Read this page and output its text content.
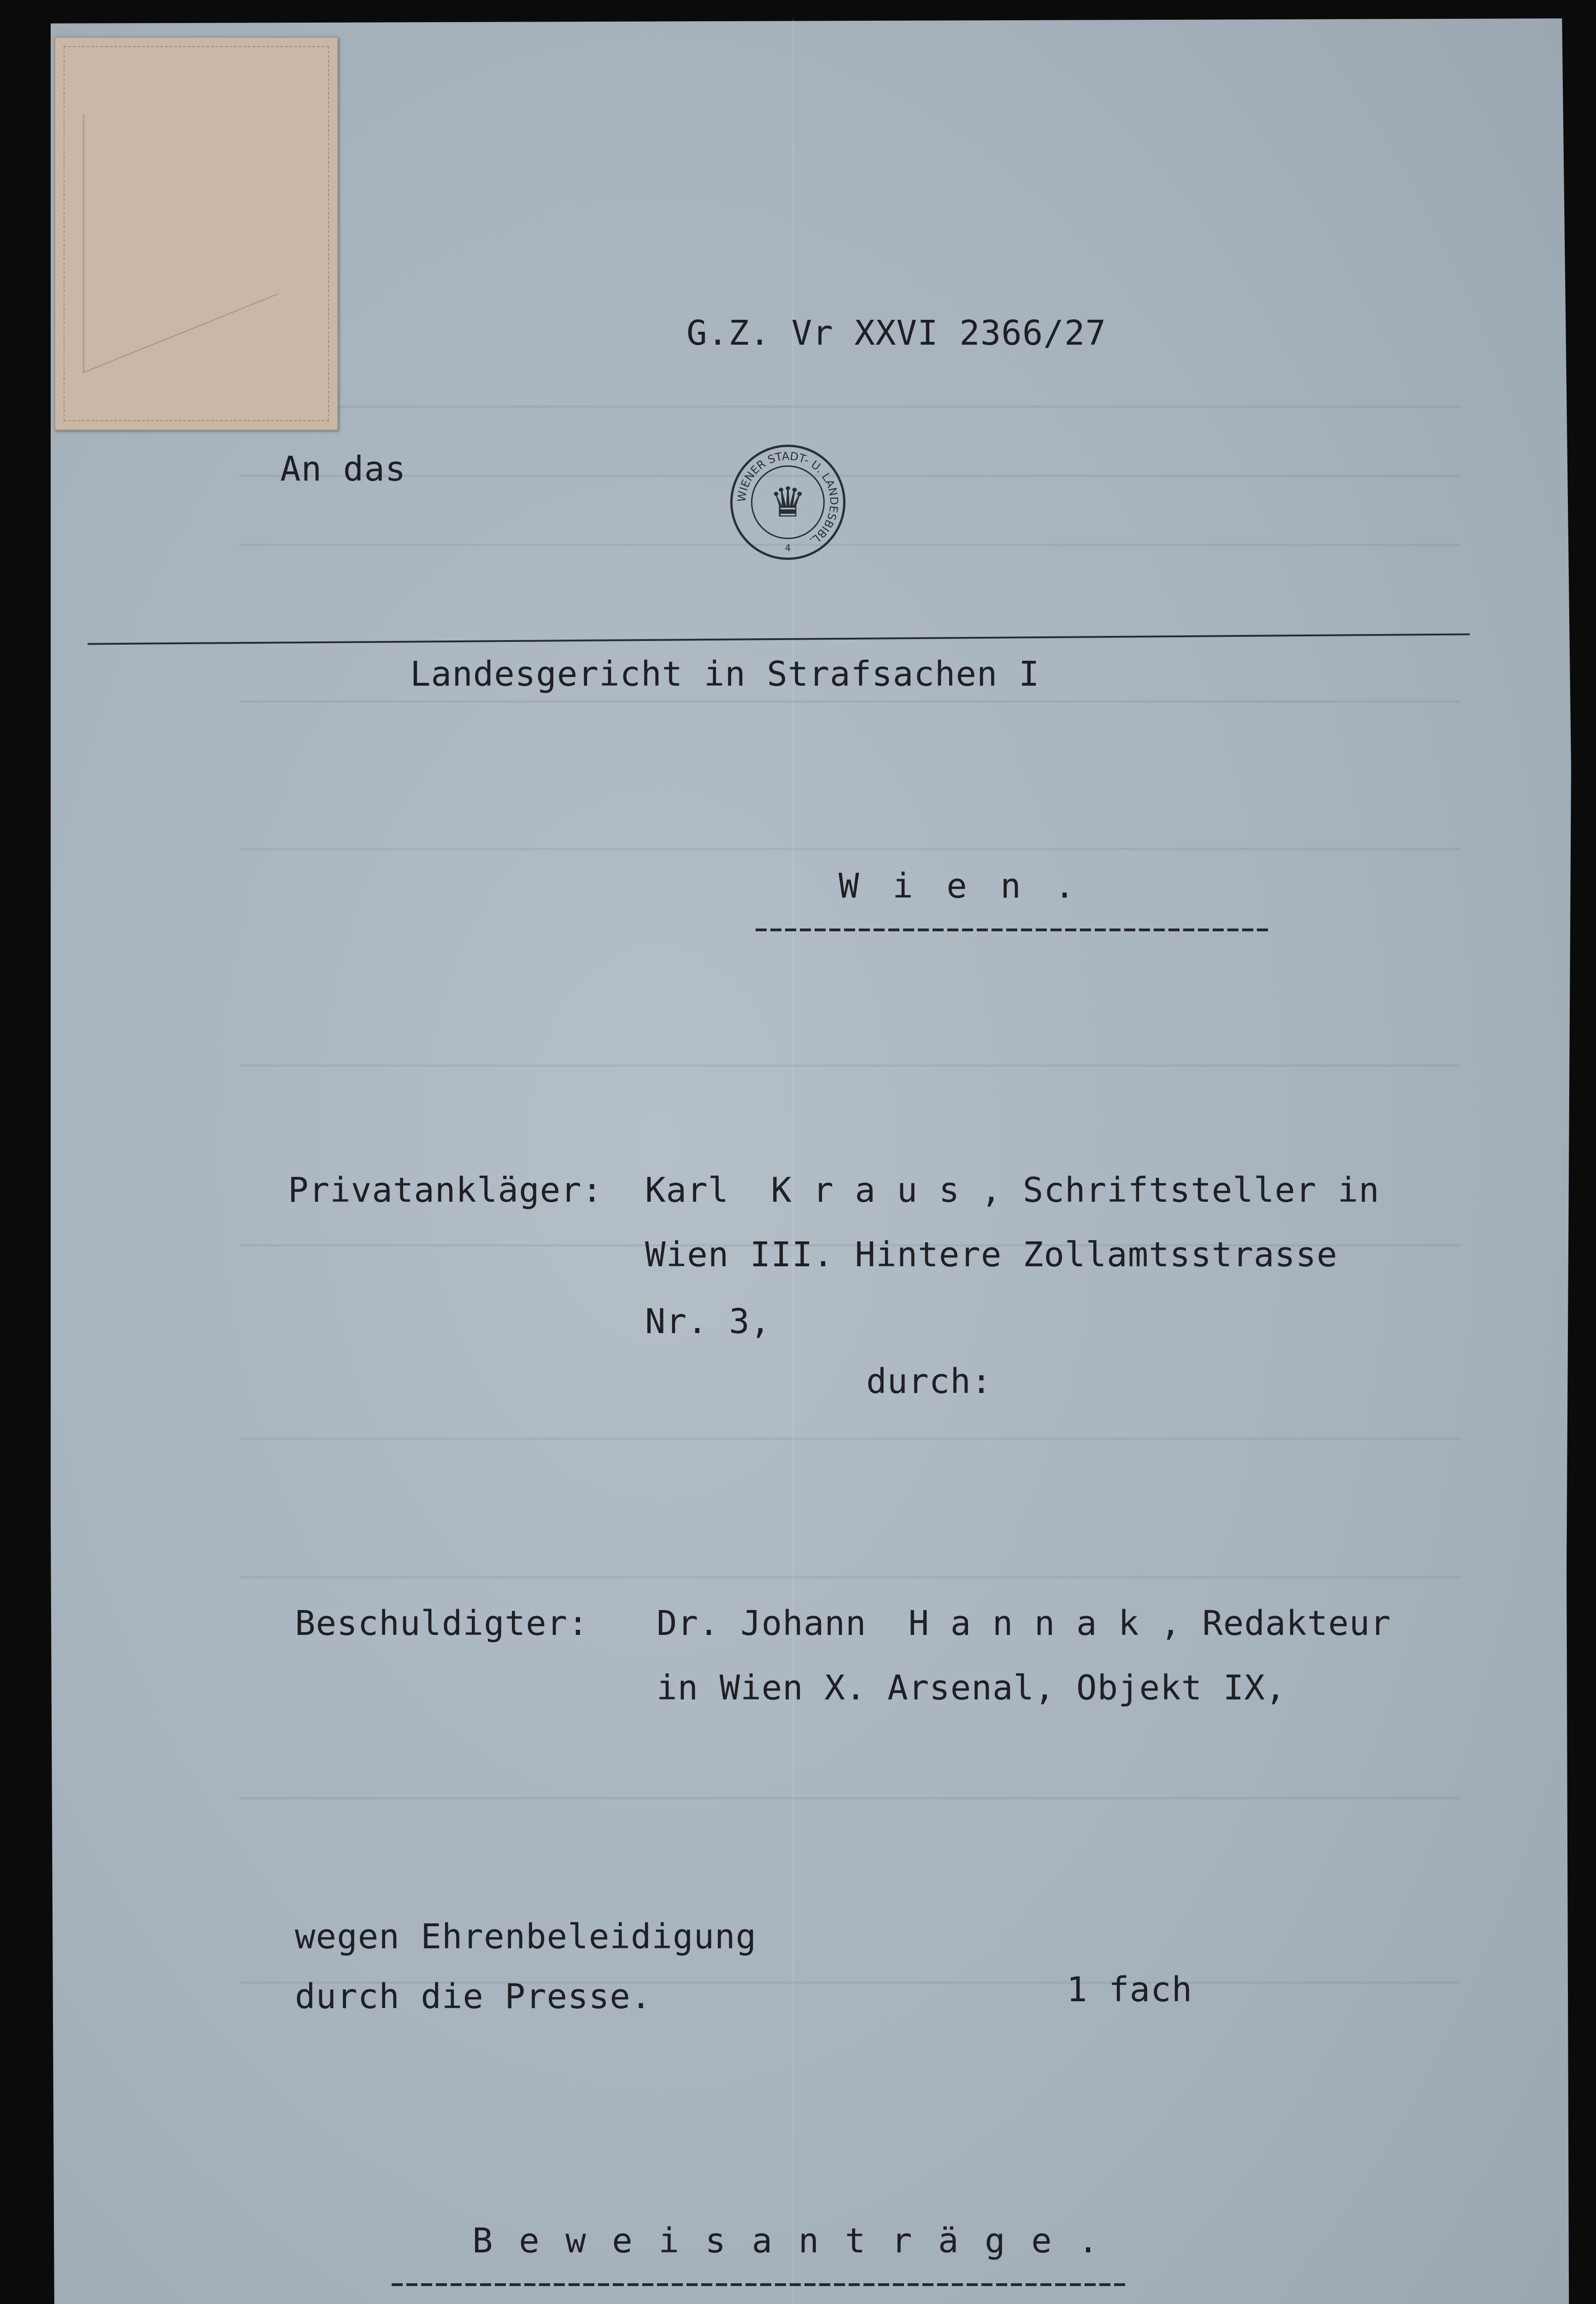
WIENER STADT- U. LANDESBIBL.
4
♛
G.Z. Vr XXVI 2366/27
An das
Landesgericht in Strafsachen I
W i e n .
Privatankläger: Karl  K r a u s , Schriftsteller in
Wien III. Hintere Zollamtsstrasse
Nr. 3,
durch:
Beschuldigter: Dr. Johann  H a n n a k , Redakteur
in Wien X. Arsenal, Objekt IX,
wegen Ehrenbeleidigung
durch die Presse.	1 fach
B e w e i s a n t r ä g e .
